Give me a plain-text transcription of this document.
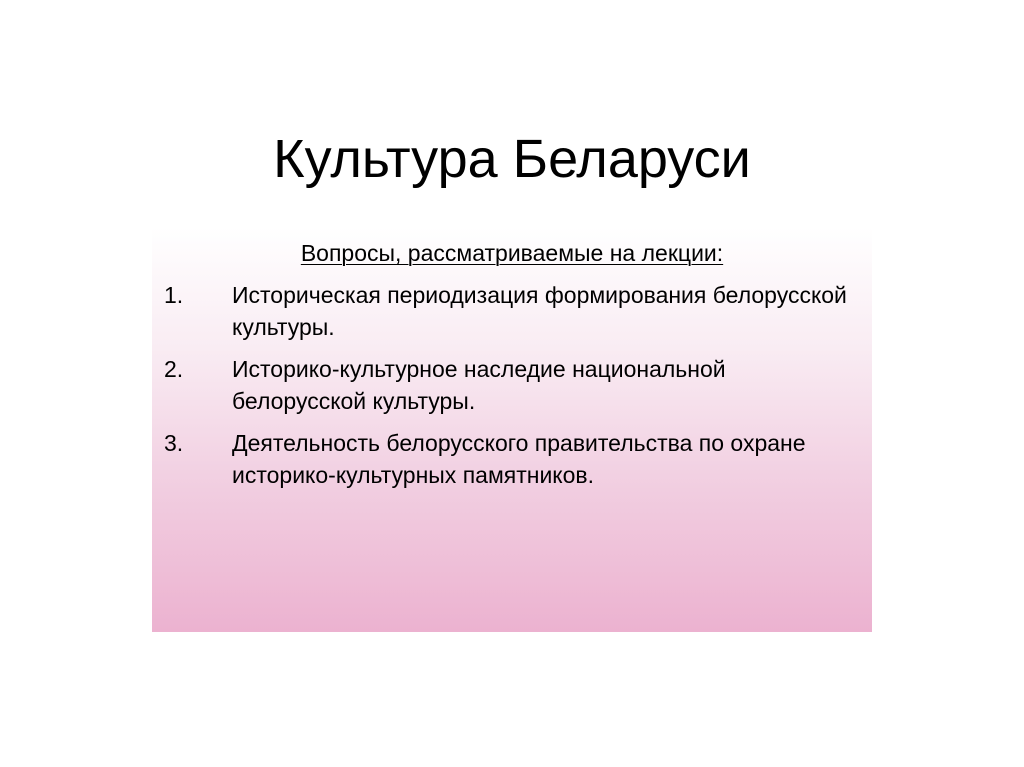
Культура Беларуси
Вопросы, рассматриваемые на лекции:
1. Историческая периодизация формирования белорусской культуры.
2. Историко-культурное наследие национальной белорусской культуры.
3. Деятельность белорусского правительства по охране историко-культурных памятников.
